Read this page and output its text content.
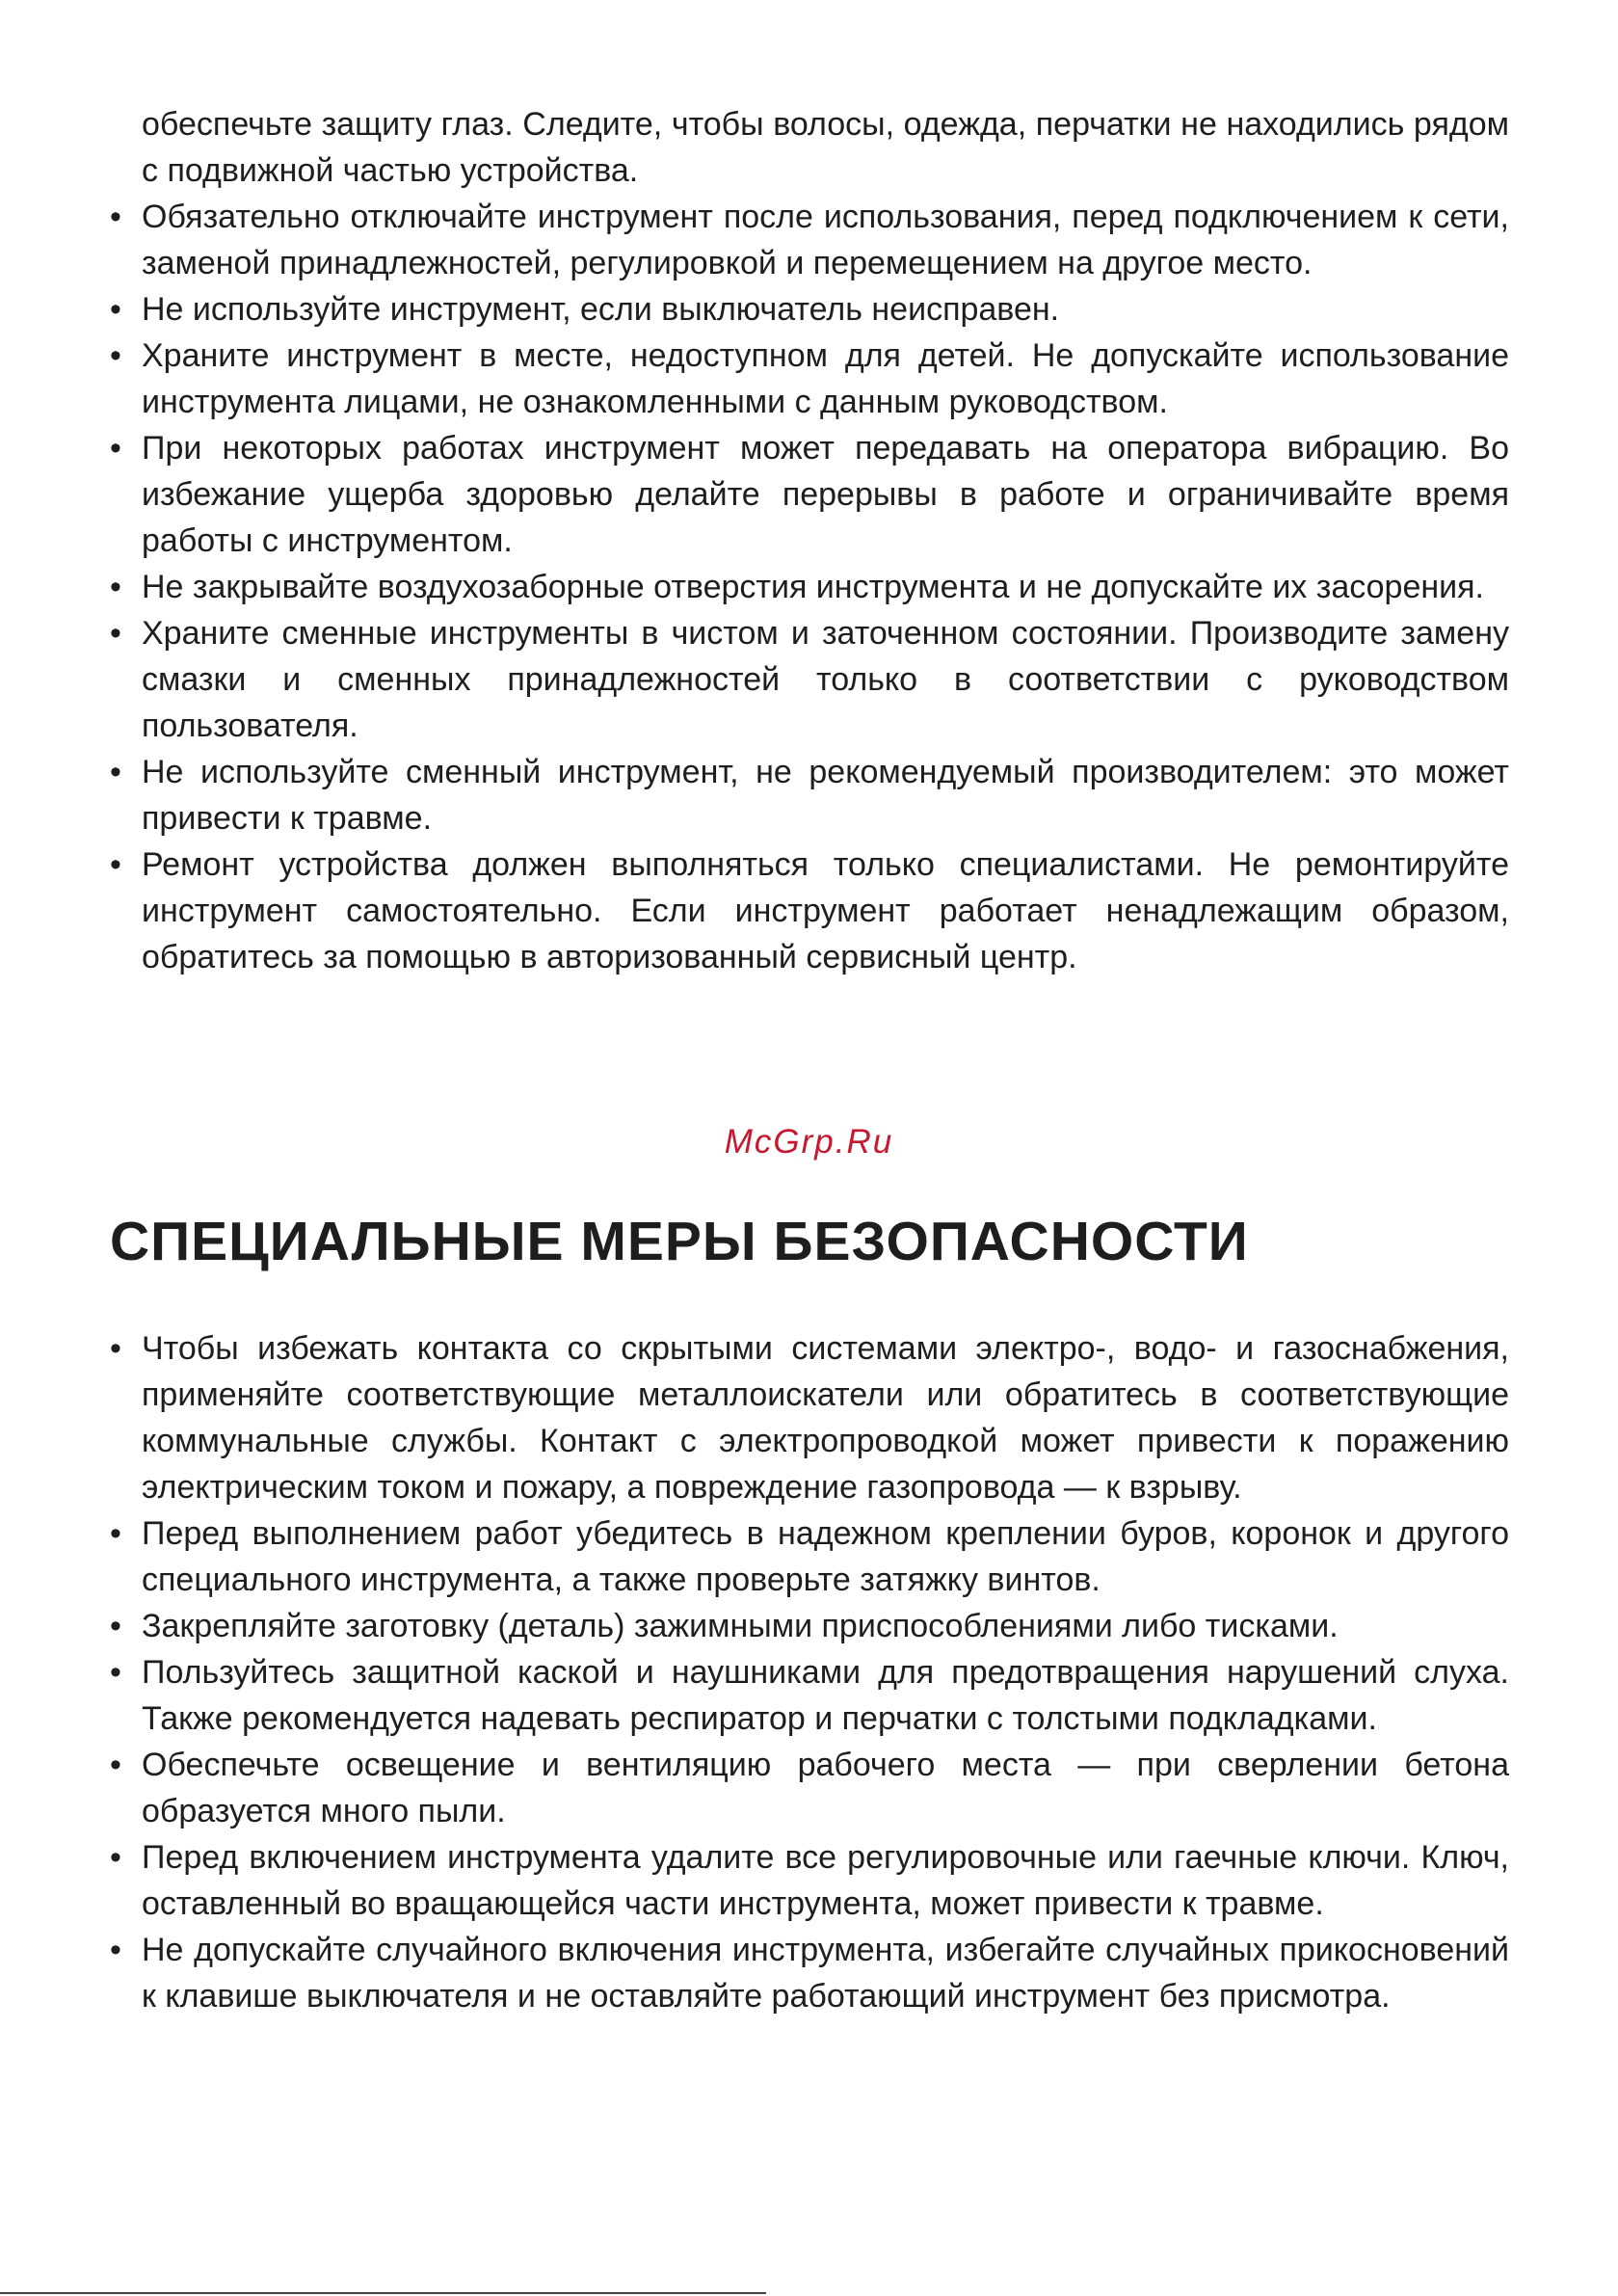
обеспечьте защиту глаз. Следите, чтобы волосы, одежда, перчатки не находились рядом с подвижной частью устройства.

• Обязательно отключайте инструмент после использования, перед подключением к сети, заменой принадлежностей, регулировкой и перемещением на другое место.
• Не используйте инструмент, если выключатель неисправен.
• Храните инструмент в месте, недоступном для детей. Не допускайте использование инструмента лицами, не ознакомленными с данным руководством.
• При некоторых работах инструмент может передавать на оператора вибрацию. Во избежание ущерба здоровью делайте перерывы в работе и ограничивайте время работы с инструментом.
• Не закрывайте воздухозаборные отверстия инструмента и не допускайте их засорения.
• Храните сменные инструменты в чистом и заточенном состоянии. Производите замену смазки и сменных принадлежностей только в соответствии с руководством пользователя.
• Не используйте сменный инструмент, не рекомендуемый производителем: это может привести к травме.
• Ремонт устройства должен выполняться только специалистами. Не ремонтируйте инструмент самостоятельно. Если инструмент работает ненадлежащим образом, обратитесь за помощью в авторизованный сервисный центр.
McGrp.Ru
СПЕЦИАЛЬНЫЕ МЕРЫ БЕЗОПАСНОСТИ
• Чтобы избежать контакта со скрытыми системами электро-, водо- и газоснабжения, применяйте соответствующие металлоискатели или обратитесь в соответствующие коммунальные службы. Контакт с электропроводкой может привести к поражению электрическим током и пожару, а повреждение газопровода — к взрыву.
• Перед выполнением работ убедитесь в надежном креплении буров, коронок и другого специального инструмента, а также проверьте затяжку винтов.
• Закрепляйте заготовку (деталь) зажимными приспособлениями либо тисками.
• Пользуйтесь защитной каской и наушниками для предотвращения нарушений слуха. Также рекомендуется надевать респиратор и перчатки с толстыми подкладками.
• Обеспечьте освещение и вентиляцию рабочего места — при сверлении бетона образуется много пыли.
• Перед включением инструмента удалите все регулировочные или гаечные ключи. Ключ, оставленный во вращающейся части инструмента, может привести к травме.
• Не допускайте случайного включения инструмента, избегайте случайных прикосновений к клавише выключателя и не оставляйте работающий инструмент без присмотра.
